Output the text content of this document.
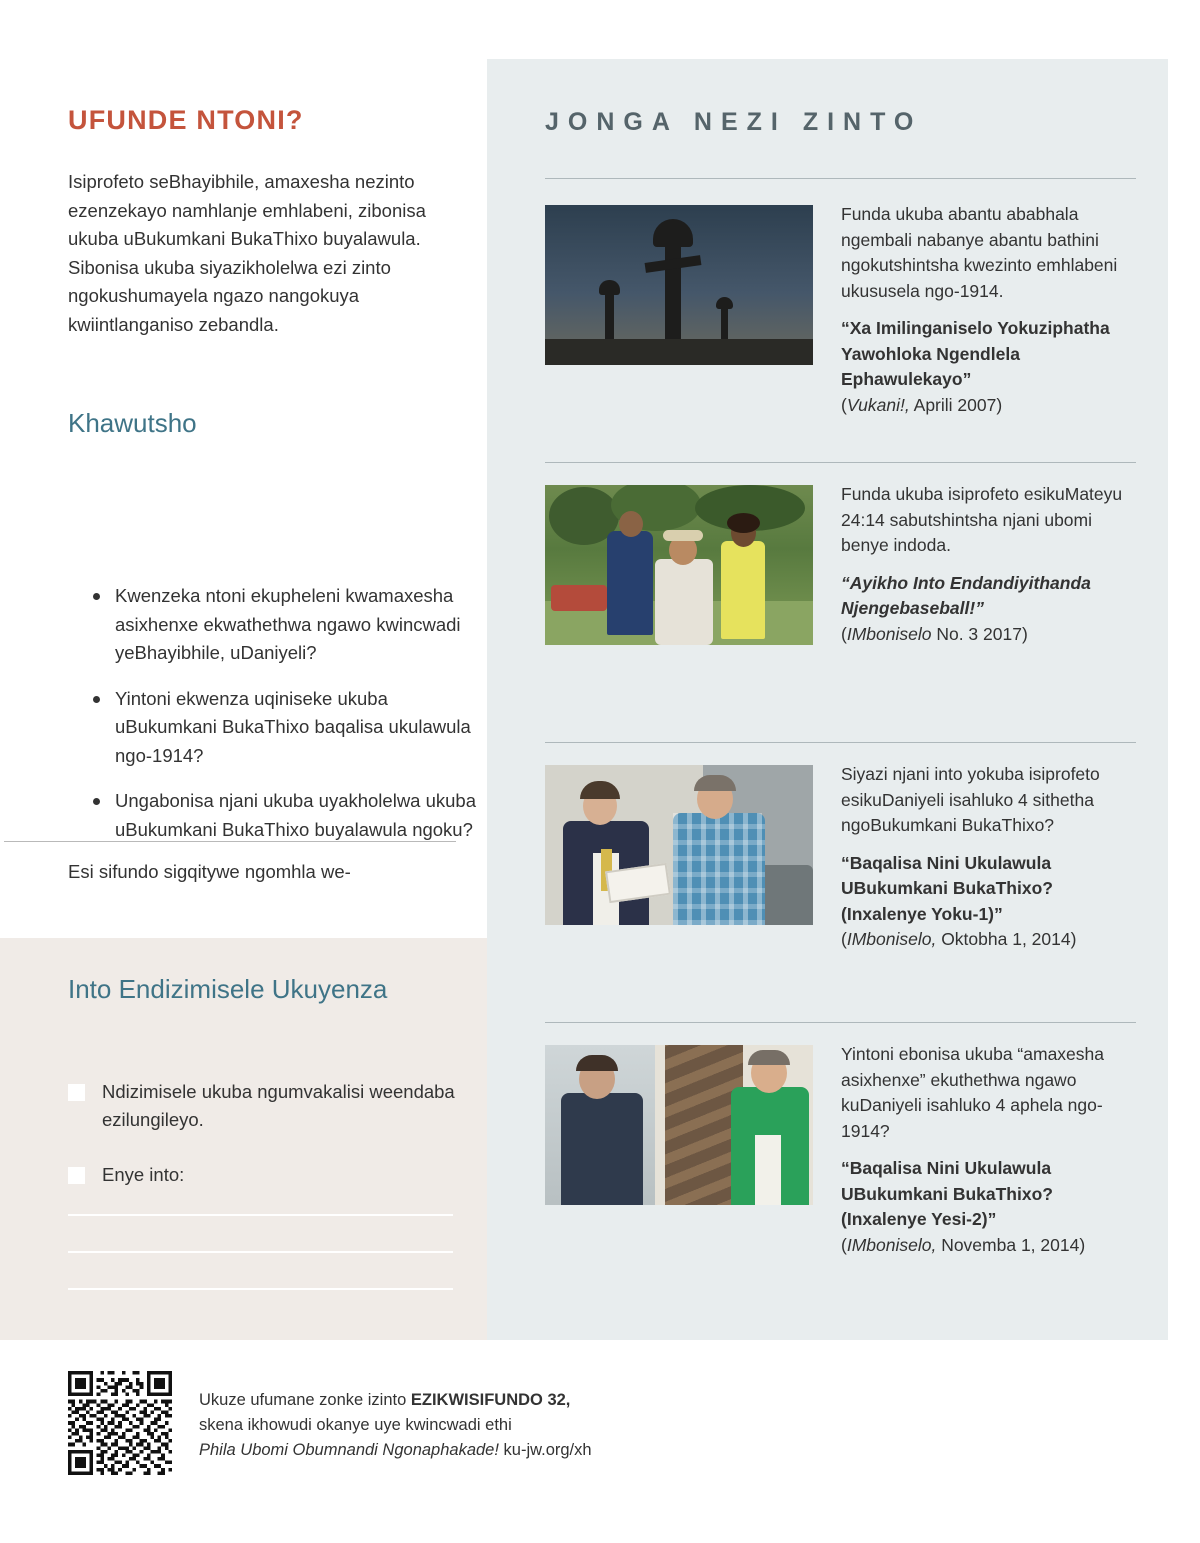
UFUNDE NTONI?
Isiprofeto seBhayibhile, amaxesha nezinto ezenzekayo namhlanje emhlabeni, zibonisa ukuba uBukumkani BukaThixo buyalawula. Sibonisa ukuba siyazikholelwa ezi zinto ngokushumayela ngazo nangokuya kwiintlanganiso zebandla.
Khawutsho
Kwenzeka ntoni ekupheleni kwamaxesha asixhenxe ekwathethwa ngawo kwincwadi yeBhayibhile, uDaniyeli?
Yintoni ekwenza uqiniseke ukuba uBukumkani BukaThixo baqalisa ukulawula ngo-1914?
Ungabonisa njani ukuba uyakholelwa ukuba uBukumkani BukaThixo buyalawula ngoku?
Esi sifundo sigqitywe ngomhla we-
Into Endizimisele Ukuyenza
Ndizimisele ukuba ngumvakalisi weendaba ezilungileyo.
Enye into:
Ukuze ufumane zonke izinto EZIKWISIFUNDO 32,
skena ikhowudi okanye uye kwincwadi ethi
Phila Ubomi Obumnandi Ngonaphakade! ku-jw.org/xh
JONGA NEZI ZINTO
Funda ukuba abantu ababhala ngembali nabanye abantu bathini ngokutshintsha kwezinto emhlabeni ukususela ngo-1914.
“Xa Imilinganiselo Yokuziphatha Yawohloka Ngendlela Ephawulekayo”
(Vukani!, Aprili 2007)
Funda ukuba isiprofeto esikuMateyu 24:14 sabutshintsha njani ubomi benye indoda.
“Ayikho Into Endandiyithanda Njengebaseball!”
(IMboniselo No. 3 2017)
Siyazi njani into yokuba isiprofeto esikuDaniyeli isahluko 4 sithetha ngoBukumkani BukaThixo?
“Baqalisa Nini Ukulawula UBukumkani BukaThixo? (Inxalenye Yoku-1)”
(IMboniselo, Oktobha 1, 2014)
Yintoni ebonisa ukuba “amaxesha asixhenxe” ekuthethwa ngawo kuDaniyeli isahluko 4 aphela ngo-1914?
“Baqalisa Nini Ukulawula UBukumkani BukaThixo? (Inxalenye Yesi-2)”
(IMboniselo, Novemba 1, 2014)
